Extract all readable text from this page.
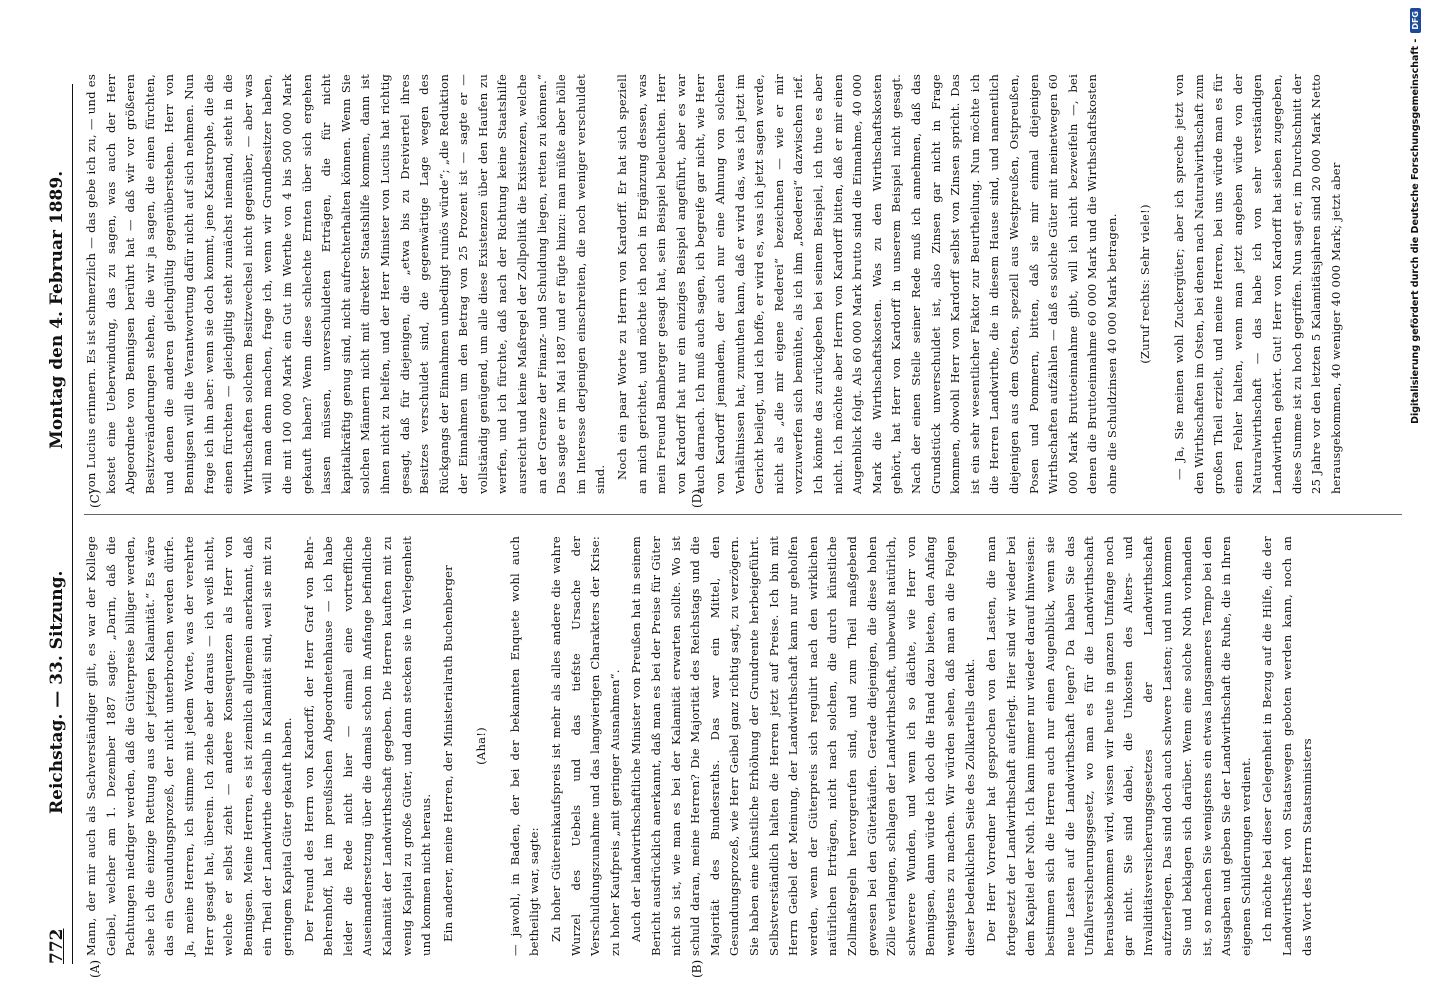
772
Reichstag. — 33. Sitzung.
Montag den 4. Februar 1889.
(A)	(B)
(C)	(D)

Mann, der mir auch als Sachverständiger gilt, es war der Kollege Geibel, welcher am 1. Dezember 1887 sagte: „Darin, daß die Pachtungen niedriger werden, daß die Güterpreise billiger werden, sehe ich die einzige Rettung aus der jetzigen Kalamität.“ Es wäre das ein Gesundungsprozeß, der nicht unterbrochen werden dürfe. Ja, meine Herren, ich stimme mit jedem Worte, was der verehrte Herr gesagt hat, überein. Ich ziehe aber daraus — ich weiß nicht, welche er selbst zieht — andere Konsequenzen als Herr von Bennigsen. Meine Herren, es ist ziemlich allgemein anerkannt, daß ein Theil der Landwirthe deshalb in Kalamität sind, weil sie mit zu geringem Kapital Güter gekauft haben. Der Freund des Herrn von Kardorff, der Herr Graf von Behr-Behrenhoff, hat im preußischen Abgeordnetenhause — ich habe leider die Rede nicht hier — einmal eine vortreffliche Auseinandersetzung über die damals schon im Anfange befindliche Kalamität der Landwirthschaft gegeben. Die Herren kauften mit zu wenig Kapital zu große Güter, und dann stecken sie in Verlegenheit und kommen nicht heraus. Ein anderer, meine Herren, der Ministerialrath Buchenberger	(Aha!)	— jawohl, in Baden, der bei der bekannten Enquete wohl auch betheiligt war, sagte: Zu hoher Gütereinkaufspreis ist mehr als alles andere die wahre Wurzel des Uebels und das tiefste Ursache der Verschuldungszunahme und das langwierigen Charakters der Krise: zu hoher Kaufpreis „mit geringer Ausnahmen“. Auch der landwirthschaftliche Minister von Preußen hat in seinem Bericht ausdrücklich anerkannt, daß man es bei der Preise für Güter nicht so ist, wie man es bei der Kalamität erwarten sollte. Wo ist schuld daran, meine Herren? Die Majorität des Reichstags und die Majorität des Bundesraths. Das war ein Mittel, den Gesundungsprozeß, wie Herr Geibel ganz richtig sagt, zu verzögern. Sie haben eine künstliche Erhöhung der Grundrente herbeigeführt. Selbstverständlich halten die Herren jetzt auf Preise. Ich bin mit Herrn Geibel der Meinung, der Landwirthschaft kann nur geholfen werden, wenn der Güterpreis sich regulirt nach den wirklichen natürlichen Erträgen, nicht nach solchen, die durch künstliche Zollmaßregeln hervorgerufen sind, und zum Theil maßgebend gewesen bei den Güterkäufen. Gerade diejenigen, die diese hohen Zölle verlangen, schlagen der Landwirthschaft, unbewußt natürlich, schwerere Wunden, und wenn ich so dächte, wie Herr von Bennigsen, dann würde ich doch die Hand dazu bieten, den Anfang wenigstens zu machen. Wir würden sehen, daß man an die Folgen dieser bedenklichen Seite des Zollkartells denkt. Der Herr Vorredner hat gesprochen von den Lasten, die man fortgesetzt der Landwirthschaft auferlegt. Hier sind wir wieder bei dem Kapitel der Noth. Ich kann immer nur wieder darauf hinweisen: bestimmen sich die Herren auch nur einen Augenblick, wenn sie neue Lasten auf die Landwirthschaft legen? Da haben Sie das Unfallversicherungsgesetz, wo man es für die Landwirthschaft herausbekommen wird, wissen wir heute in ganzen Umfange noch gar nicht. Sie sind dabei, die Unkosten des Alters- und Invaliditätsversicherungsgesetzes der Landwirthschaft aufzuerlegen. Das sind doch auch schwere Lasten; und nun kommen Sie und beklagen sich darüber. Wenn eine solche Noth vorhanden ist, so machen Sie wenigstens ein etwas langsameres Tempo bei den Ausgaben und geben Sie der Landwirthschaft die Ruhe, die in Ihren eigenen Schilderungen verdient. Ich möchte bei dieser Gelegenheit in Bezug auf die Hilfe, die der Landwirthschaft von Staatswegen geboten werden kann, noch an das Wort des Herrn Staatsministers

von Lucius erinnern. Es ist schmerzlich — das gebe ich zu, — und es kostet eine Ueberwindung, das zu sagen, was auch der Herr Abgeordnete von Bennigsen berührt hat — daß wir vor größeren Besitzveränderungen stehen, die wir ja sagen, die einen fürchten, und denen die anderen gleichgültig gegenüberstehen. Herr von Bennigsen will die Verantwortung dafür nicht auf sich nehmen. Nun frage ich ihn aber: wenn sie doch kommt, jene Katastrophe, die die einen fürchten — gleichgiltig steht zunächst niemand, steht in die Wirthschaften solchem Besitzwechsel nicht gegenüber, — aber was will man denn machen, frage ich, wenn wir Grundbesitzer haben, die mit 100 000 Mark ein Gut im Werthe von 4 bis 500 000 Mark gekauft haben? Wenn diese schlechte Ernten über sich ergehen lassen müssen, unverschuldeten Erträgen, die für nicht kapitalkräftig genug sind, nicht aufrechterhalten können. Wenn Sie solchen Männern nicht mit direkter Staatshilfe kommen, dann ist ihnen nicht zu helfen, und der Herr Minister von Lucius hat richtig gesagt, daß für diejenigen, die „etwa bis zu Dreiviertel ihres Besitzes verschuldet sind, die gegenwärtige Lage wegen des Rückgangs der Einnahmen unbedingt ruinös würde“; „die Reduktion der Einnahmen um den Betrag von 25 Prozent ist — sagte er — vollständig genügend, um alle diese Existenzen über den Haufen zu werfen, und ich fürchte, daß nach der Richtung keine Staatshilfe ausreicht und keine Maßregel der Zollpolitik die Existenzen, welche an der Grenze der Finanz- und Schuldung liegen, retten zu können.“ Das sagte er im Mai 1887 und er fügte hinzu: man müßte aber hölle im Interesse derjenigen einschreiten, die noch weniger verschuldet sind. Noch ein paar Worte zu Herrn von Kardorff. Er hat sich speziell an mich gerichtet, und möchte ich noch in Ergänzung dessen, was mein Freund Bamberger gesagt hat, sein Beispiel beleuchten. Herr von Kardorff hat nur ein einziges Beispiel angeführt, aber es war auch darnach. Ich muß auch sagen, ich begreife gar nicht, wie Herr von Kardorff jemandem, der auch nur eine Ahnung von solchen Verhältnissen hat, zumuthen kann, daß er wird das, was ich jetzt im Gericht beilegt, und ich hoffe, er wird es, was ich jetzt sagen werde, nicht als „die mir eigene Rederei“ bezeichnen — wie er mir vorzuwerfen sich bemühte, als ich ihm „Roederei“ dazwischen rief. Ich könnte das zurückgeben bei seinem Beispiel, ich thue es aber nicht. Ich möchte aber Herrn von Kardorff bitten, daß er mir einen Augenblick folgt. Als 60 000 Mark brutto sind die Einnahme, 40 000 Mark die Wirthschaftskosten. Was zu den Wirthschaftskosten gehört, hat Herr von Kardorff in unserem Beispiel nicht gesagt. Nach der einen Stelle seiner Rede muß ich annehmen, daß das Grundstück unverschuldet ist, also Zinsen gar nicht in Frage kommen, obwohl Herr von Kardorff selbst von Zinsen spricht. Das ist ein sehr wesentlicher Faktor zur Beurtheilung. Nun möchte ich die Herren Landwirthe, die in diesem Hause sind, und namentlich diejenigen aus dem Osten, speziell aus Westpreußen, Ostpreußen, Posen und Pommern, bitten, daß sie mir einmal diejenigen Wirthschaften aufzählen — daß es solche Güter mit meinetwegen 60 000 Mark Bruttoeinnahme gibt, will ich nicht bezweifeln —, bei denen die Bruttoeinnahme 60 000 Mark und die Wirthschaftskosten ohne die Schuldzinsen 40 000 Mark betragen.	(Zuruf rechts: Sehr viele!)	— Ja, Sie meinen wohl Zuckergüter; aber ich spreche jetzt von den Wirthschaften im Osten, bei denen nach Naturalwirthschaft zum großen Theil erzielt, und meine Herren, bei uns würde man es für einen Fehler halten, wenn man jetzt angeben würde von der Naturalwirthschaft — das habe ich von sehr verständigen Landwirthen gehört. Gut! Herr von Kardorff hat sieben zugegeben, diese Summe ist zu hoch gegriffen. Nun sagt er, im Durchschnitt der 25 Jahre vor den letzten 5 Kalamitätsjahren sind 20 000 Mark Netto herausgekommen, 40 weniger 40 000 Mark; jetzt aber	Digitalisierung gefördert durch die Deutsche Forschungsgemeinschaft -
DFG
